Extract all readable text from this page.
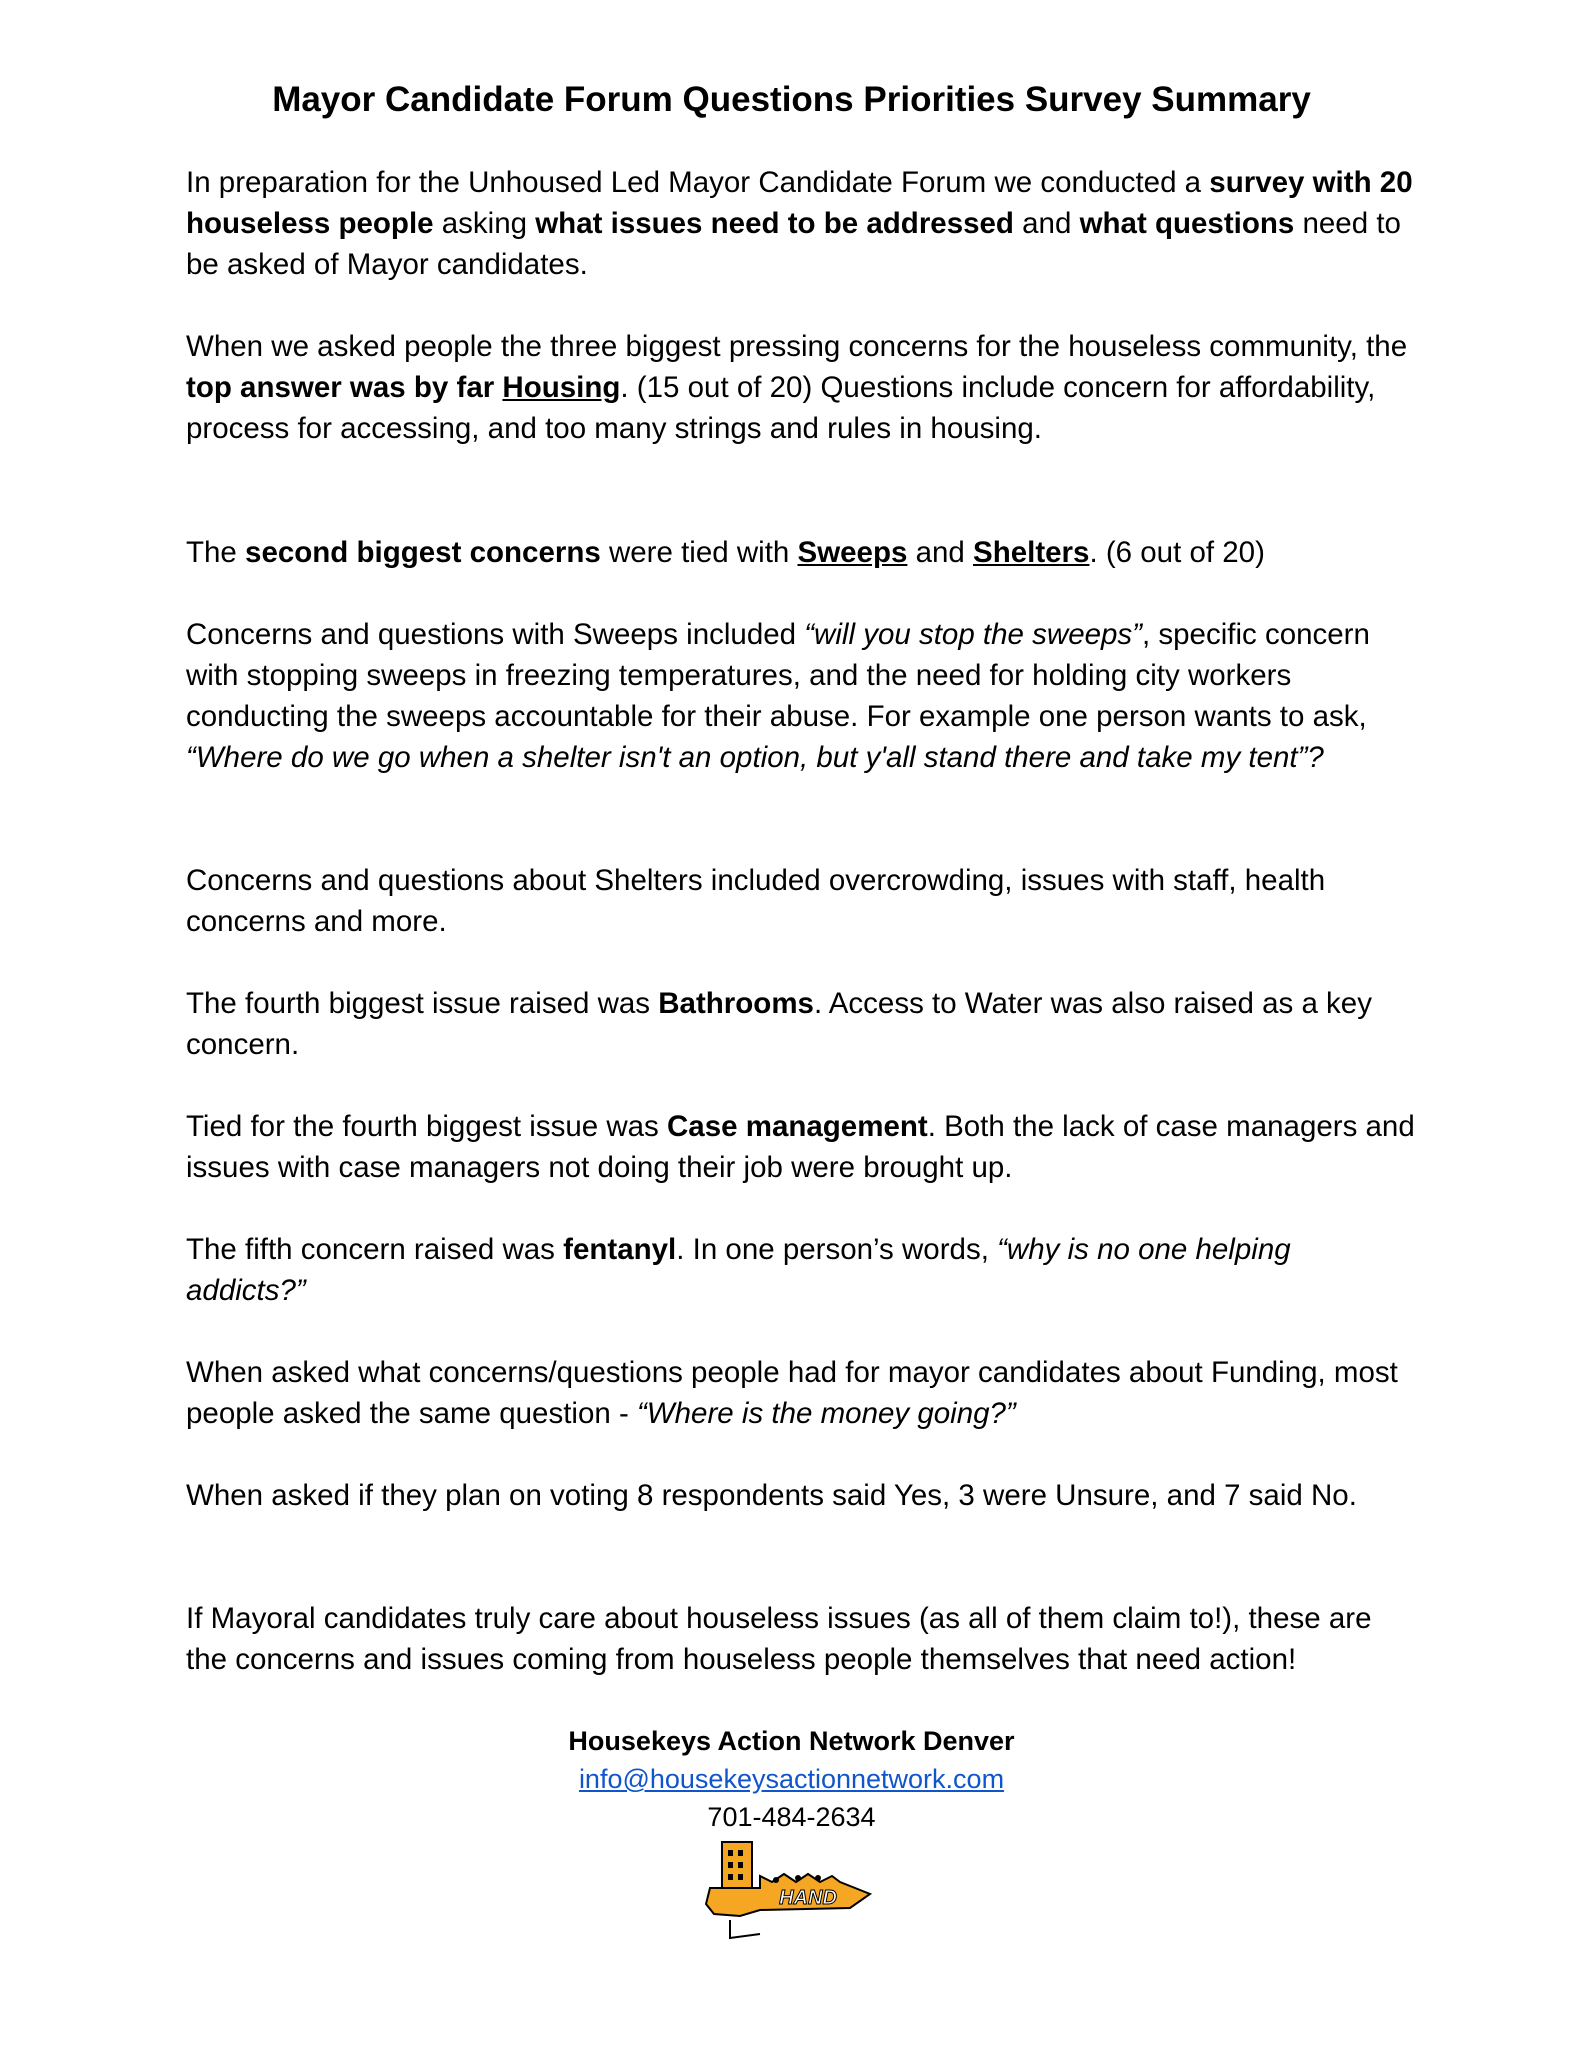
Mayor Candidate Forum Questions Priorities Survey Summary
In preparation for the Unhoused Led Mayor Candidate Forum we conducted a survey with 20 houseless people asking what issues need to be addressed and what questions need to be asked of Mayor candidates.
When we asked people the three biggest pressing concerns for the houseless community, the top answer was by far Housing. (15 out of 20) Questions include concern for affordability, process for accessing, and too many strings and rules in housing.
The second biggest concerns were tied with Sweeps and Shelters. (6 out of 20)
Concerns and questions with Sweeps included “will you stop the sweeps”, specific concern with stopping sweeps in freezing temperatures, and the need for holding city workers conducting the sweeps accountable for their abuse. For example one person wants to ask, “Where do we go when a shelter isn't an option, but y'all stand there and take my tent”?
Concerns and questions about Shelters included overcrowding, issues with staff, health concerns and more.
The fourth biggest issue raised was Bathrooms. Access to Water was also raised as a key concern.
Tied for the fourth biggest issue was Case management. Both the lack of case managers and issues with case managers not doing their job were brought up.
The fifth concern raised was fentanyl. In one person’s words, “why is no one helping addicts?”
When asked what concerns/questions people had for mayor candidates about Funding, most people asked the same question - “Where is the money going?”
When asked if they plan on voting 8 respondents said Yes, 3 were Unsure, and 7 said No.
If Mayoral candidates truly care about houseless issues (as all of them claim to!), these are the concerns and issues coming from houseless people themselves that need action!
Housekeys Action Network Denver
info@housekeysactionnetwork.com
701-484-2634
HAND
